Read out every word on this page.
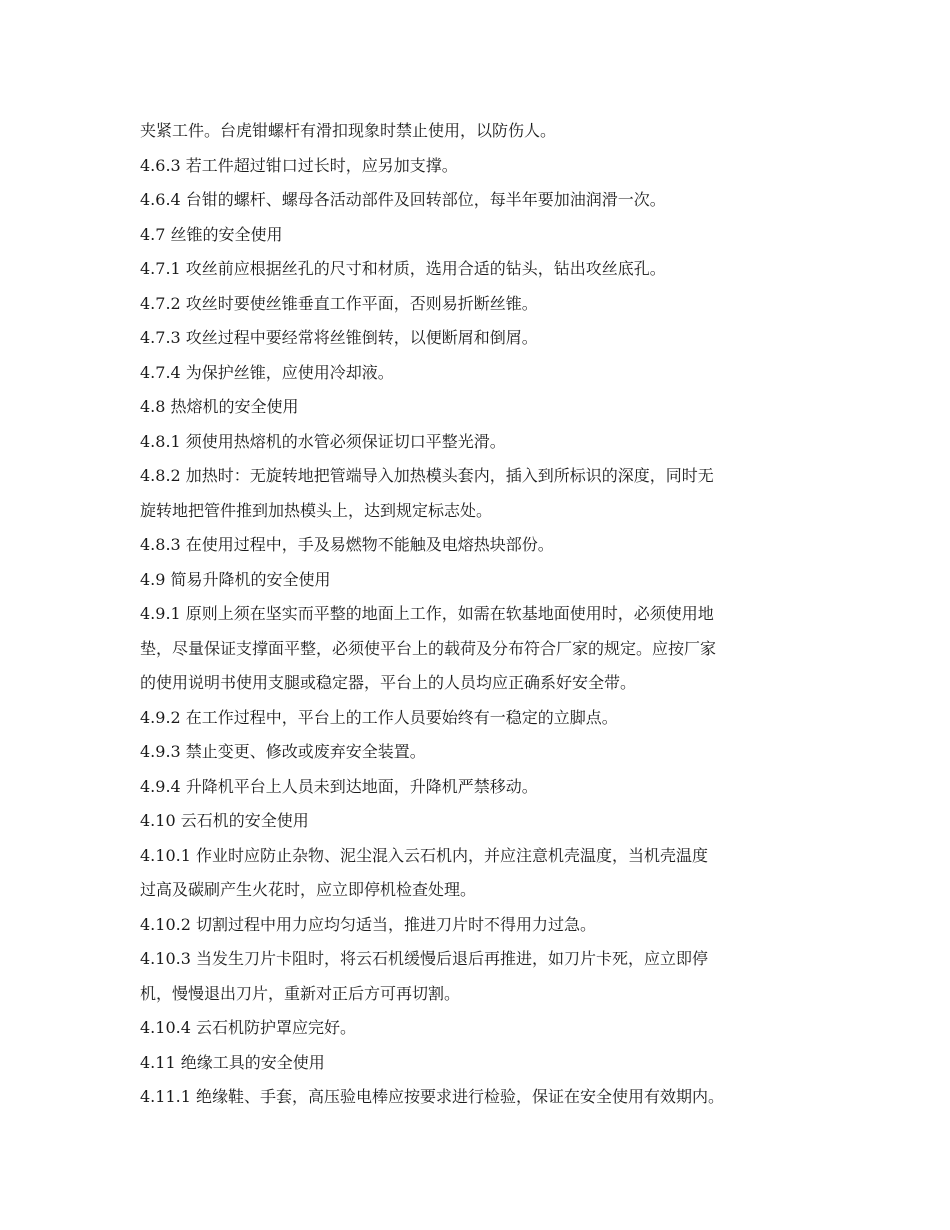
夹紧工件。台虎钳螺杆有滑扣现象时禁止使用，以防伤人。
4.6.3 若工件超过钳口过长时，应另加支撑。
4.6.4 台钳的螺杆、螺母各活动部件及回转部位，每半年要加油润滑一次。
4.7 丝锥的安全使用
4.7.1 攻丝前应根据丝孔的尺寸和材质，选用合适的钻头，钻出攻丝底孔。
4.7.2 攻丝时要使丝锥垂直工作平面，否则易折断丝锥。
4.7.3 攻丝过程中要经常将丝锥倒转，以便断屑和倒屑。
4.7.4 为保护丝锥，应使用冷却液。
4.8 热熔机的安全使用
4.8.1 须使用热熔机的水管必须保证切口平整光滑。
4.8.2 加热时：无旋转地把管端导入加热模头套内，插入到所标识的深度，同时无
旋转地把管件推到加热模头上，达到规定标志处。
4.8.3 在使用过程中，手及易燃物不能触及电熔热块部份。
4.9 简易升降机的安全使用
4.9.1 原则上须在坚实而平整的地面上工作，如需在软基地面使用时，必须使用地
垫，尽量保证支撑面平整，必须使平台上的载荷及分布符合厂家的规定。应按厂家
的使用说明书使用支腿或稳定器，平台上的人员均应正确系好安全带。
4.9.2 在工作过程中，平台上的工作人员要始终有一稳定的立脚点。
4.9.3 禁止变更、修改或废弃安全装置。
4.9.4 升降机平台上人员未到达地面，升降机严禁移动。
4.10 云石机的安全使用
4.10.1 作业时应防止杂物、泥尘混入云石机内，并应注意机壳温度，当机壳温度
过高及碳刷产生火花时，应立即停机检查处理。
4.10.2 切割过程中用力应均匀适当，推进刀片时不得用力过急。
4.10.3 当发生刀片卡阻时，将云石机缓慢后退后再推进，如刀片卡死，应立即停
机，慢慢退出刀片，重新对正后方可再切割。
4.10.4 云石机防护罩应完好。
4.11 绝缘工具的安全使用
4.11.1 绝缘鞋、手套，高压验电棒应按要求进行检验，保证在安全使用有效期内。
